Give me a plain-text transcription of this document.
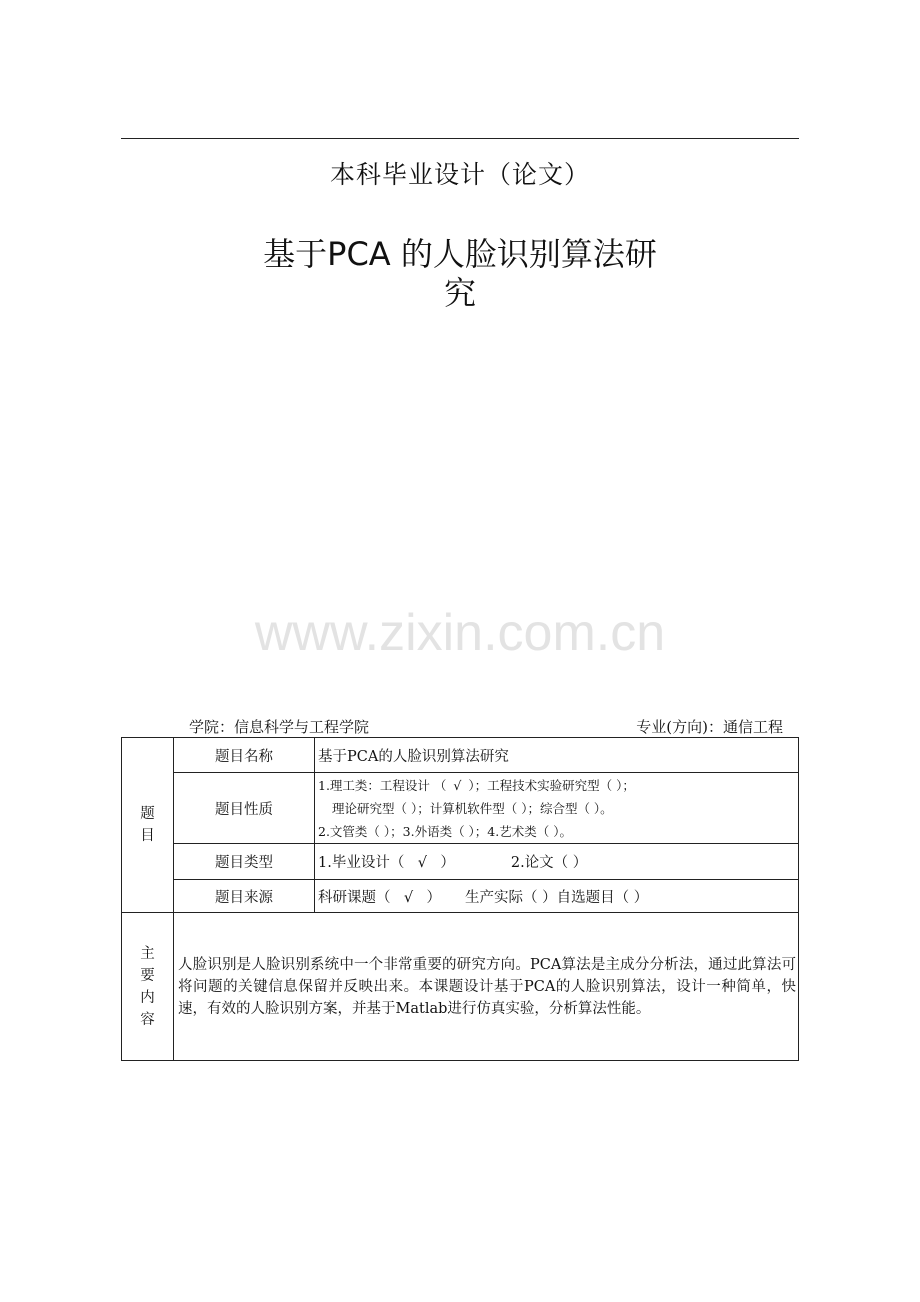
本科毕业设计（论文）
基于PCA 的人脸识别算法研
究
www.zixin.com.cn
学院：信息科学与工程学院	专业(方向)：通信工程
题
目	题目名称	基于PCA的人脸识别算法研究
	题目性质	1.理工类：工程设计 （ √ ）；工程技术实验研究型（ ）；
理论研究型（ ）；计算机软件型（ ）；综合型（ ）。
2.文管类（ ）；3.外语类（ ）；4.艺术类（ ）。

	题目类型	1.毕业设计（ √ ） 2.论文（ ）
	题目来源	科研课题（ √ ） 生产实际（ ）自选题目（ ）

主
要
内
容	人脸识别是人脸识别系统中一个非常重要的研究方向。PCA算法是主成分分析法，通过此算法可将问题的关键信息保留并反映出来。本课题设计基于PCA的人脸识别算法，设计一种简单，快速，有效的人脸识别方案，并基于Matlab进行仿真实验，分析算法性能。	
